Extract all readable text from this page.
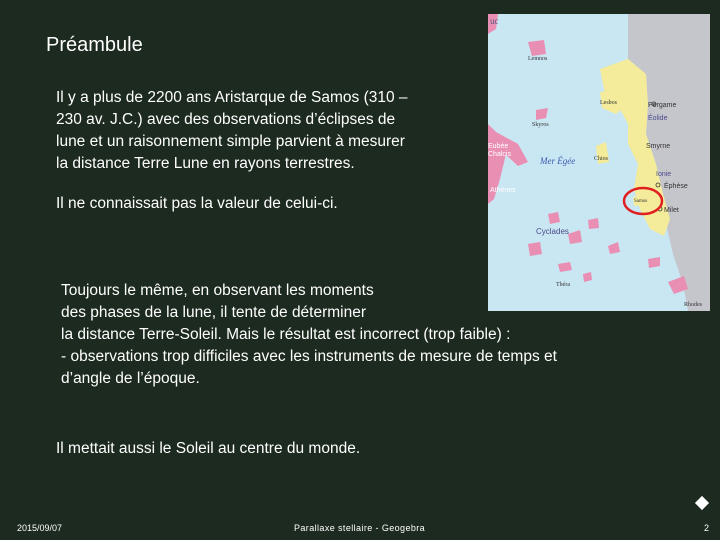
Préambule

Il y a plus de 2200 ans Aristarque de Samos (310 –
230 av. J.C.) avec des observations d’éclipses de
lune et un raisonnement simple parvient à mesurer
la distance Terre Lune en rayons terrestres.

Il ne connaissait pas la valeur de celui-ci.

Toujours le même, en observant les moments
des phases de la lune, il tente de déterminer
la distance Terre-Soleil. Mais le résultat est incorrect (trop faible) :
- observations trop difficiles avec les instruments de mesure de temps et
d’angle de l’époque.

Il mettait aussi le Soleil au centre du monde.

uc
Lemnos
Lesbos	Pergame
Éolide
Skyros
Smyrne
Eubée
Chalcis
Chios
Mer Égée
Ionie
Éphèse
Athènes
Samos
Milet
Cyclades
Théra
Rhodes
2015/09/07	Parallaxe stellaire - Geogebra	2
